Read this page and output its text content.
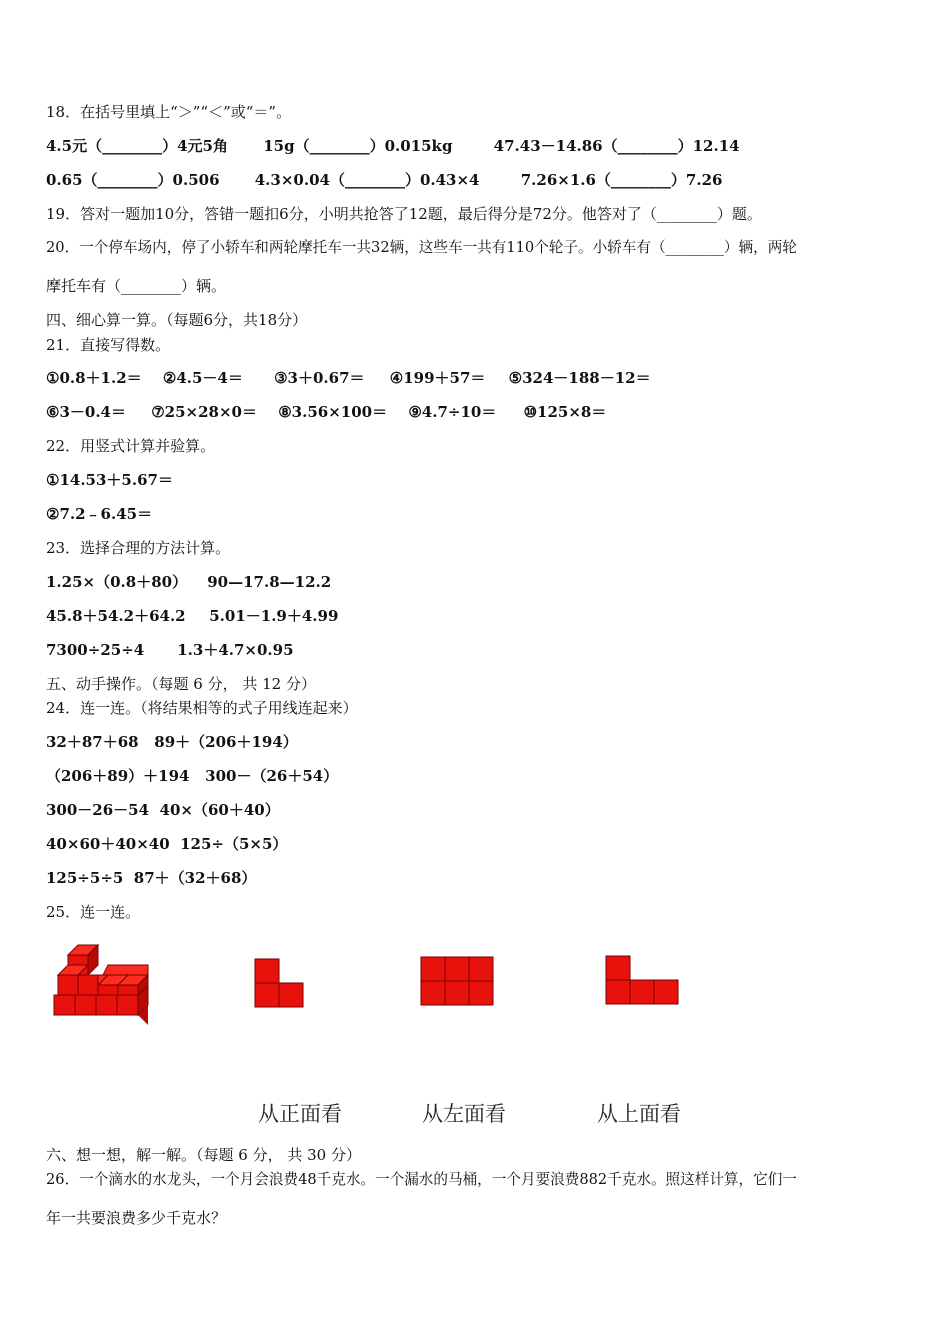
18．在括号里填上“＞”“＜”或“＝”。
4.5元（________）4元5角 15g（________）0.015kg	47.43－14.86（________）12.14
0.65（________）0.506 4.3×0.04（________）0.43×4	7.26×1.6（________）7.26
19．答对一题加10分，答错一题扣6分，小明共抢答了12题，最后得分是72分。他答对了（________）题。
20．一个停车场内，停了小轿车和两轮摩托车一共32辆，这些车一共有110个轮子。小轿车有（________）辆，两轮
摩托车有（________）辆。
四、细心算一算。（每题6分，共18分）
21．直接写得数。
①0.8＋1.2＝ ②4.5－4＝ ③3＋0.67＝ ④199＋57＝ ⑤324－188－12＝
⑥3－0.4＝ ⑦25×28×0＝ ⑧3.56×100＝ ⑨4.7÷10＝ ⑩125×8＝
22．用竖式计算并验算。
①14.53＋5.67＝
②7.2﹣6.45＝
23．选择合理的方法计算。
1.25×（0.8＋80） 90—17.8—12.2
45.8＋54.2＋64.2 5.01－1.9＋4.99
7300÷25÷4 1.3＋4.7×0.95
五、动手操作。（每题 6 分， 共 12 分）
24．连一连。（将结果相等的式子用线连起来）
32＋87＋68   89＋（206＋194）
（206＋89）＋194   300－（26＋54）
300－26－54  40×（60＋40）
40×60＋40×40  125÷（5×5）
125÷5÷5  87＋（32＋68）
25．连一连。
从正面看	从左面看	从上面看
六、想一想，解一解。（每题 6 分， 共 30 分）
26．一个滴水的水龙头，一个月会浪费48千克水。一个漏水的马桶，一个月要浪费882千克水。照这样计算，它们一
年一共要浪费多少千克水？
